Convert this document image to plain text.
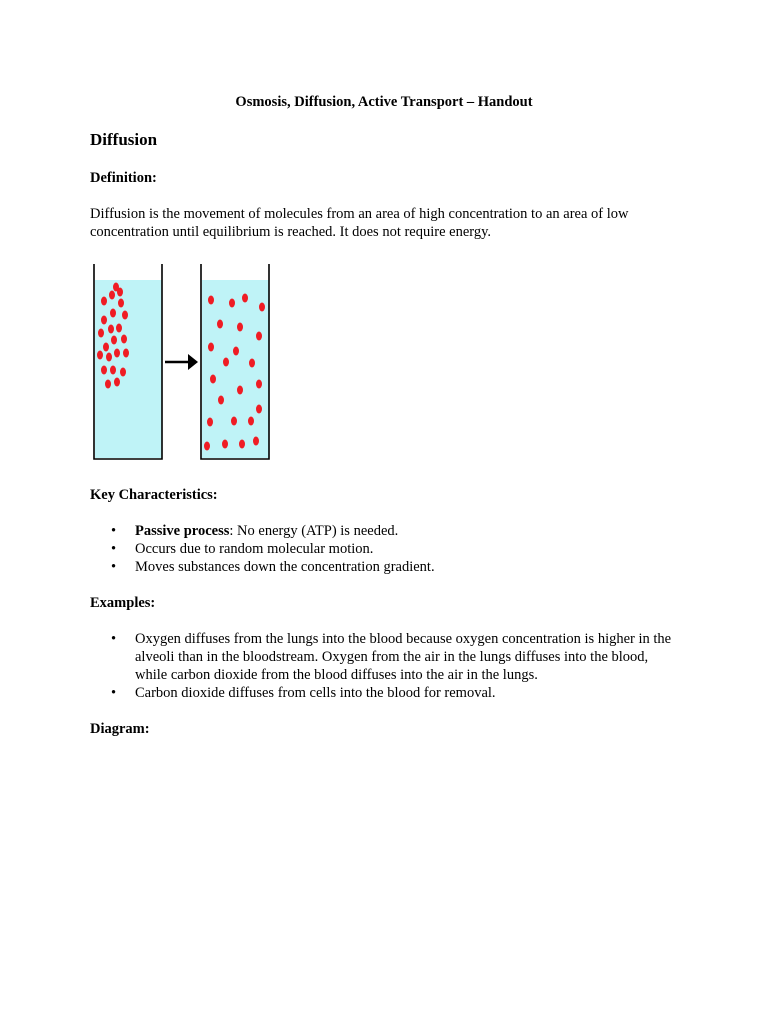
Osmosis, Diffusion, Active Transport – Handout
Diffusion
Definition:
Diffusion is the movement of molecules from an area of high concentration to an area of low concentration until equilibrium is reached. It does not require energy.
Key Characteristics:
• Passive process: No energy (ATP) is needed.
• Occurs due to random molecular motion.
• Moves substances down the concentration gradient.
Examples:
• Oxygen diffuses from the lungs into the blood because oxygen concentration is higher in the alveoli than in the bloodstream. Oxygen from the air in the lungs diffuses into the blood, while carbon dioxide from the blood diffuses into the air in the lungs.
• Carbon dioxide diffuses from cells into the blood for removal.
Diagram:
